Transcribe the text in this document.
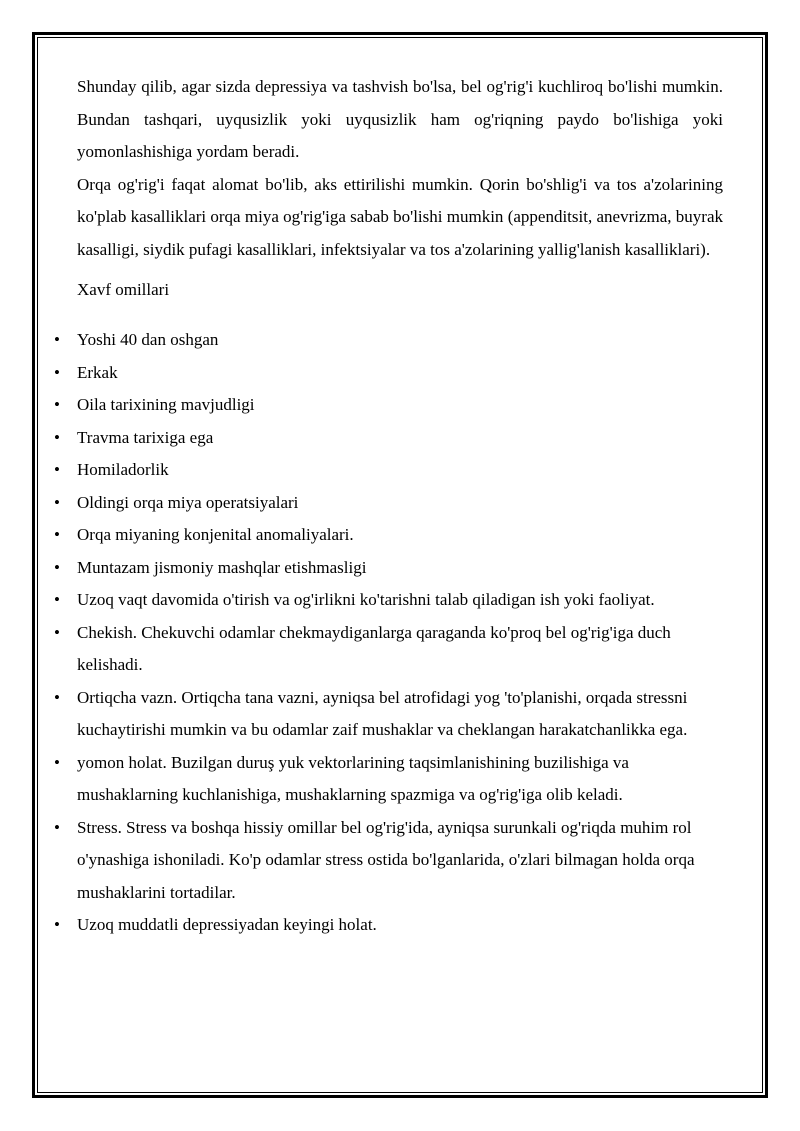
Shunday qilib, agar sizda depressiya va tashvish bo'lsa, bel og'rig'i kuchliroq bo'lishi mumkin. Bundan tashqari, uyqusizlik yoki uyqusizlik ham og'riqning paydo bo'lishiga yoki yomonlashishiga yordam beradi.

Orqa og'rig'i faqat alomat bo'lib, aks ettirilishi mumkin. Qorin bo'shlig'i va tos a'zolarining ko'plab kasalliklari orqa miya og'rig'iga sabab bo'lishi mumkin (appenditsit, anevrizma, buyrak kasalligi, siydik pufagi kasalliklari, infektsiyalar va tos a'zolarining yallig'lanish kasalliklari).

Xavf omillari

• Yoshi 40 dan oshgan
• Erkak
• Oila tarixining mavjudligi
• Travma tarixiga ega
• Homiladorlik
• Oldingi orqa miya operatsiyalari
• Orqa miyaning konjenital anomaliyalari.
• Muntazam jismoniy mashqlar etishmasligi
• Uzoq vaqt davomida o'tirish va og'irlikni ko'tarishni talab qiladigan ish yoki faoliyat.
• Chekish. Chekuvchi odamlar chekmaydiganlarga qaraganda ko'proq bel og'rig'iga duch kelishadi.
• Ortiqcha vazn. Ortiqcha tana vazni, ayniqsa bel atrofidagi yog 'to'planishi, orqada stressni kuchaytirishi mumkin va bu odamlar zaif mushaklar va cheklangan harakatchanlikka ega.
• yomon holat. Buzilgan duruş yuk vektorlarining taqsimlanishining buzilishiga va mushaklarning kuchlanishiga, mushaklarning spazmiga va og'rig'iga olib keladi.
• Stress. Stress va boshqa hissiy omillar bel og'rig'ida, ayniqsa surunkali og'riqda muhim rol o'ynashiga ishoniladi. Ko'p odamlar stress ostida bo'lganlarida, o'zlari bilmagan holda orqa mushaklarini tortadilar.
• Uzoq muddatli depressiyadan keyingi holat.
